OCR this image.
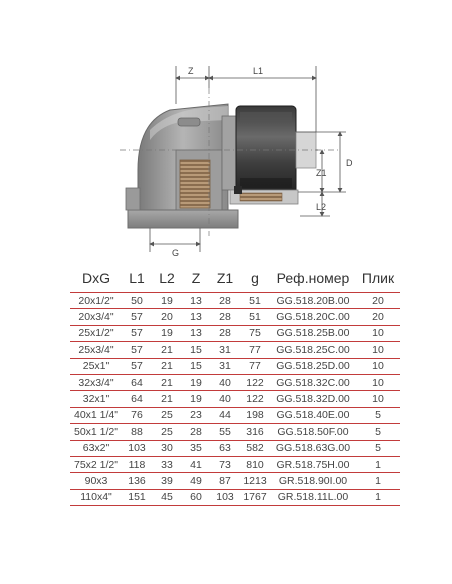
Z	L1
D
Z1
L2
G
DxG	L1	L2	Z	Z1	g	Реф.номер	Плик
20x1/2"	50	19	13	28	51	GG.518.20B.00	20
20x3/4"	57	20	13	28	51	GG.518.20C.00	20
25x1/2"	57	19	13	28	75	GG.518.25B.00	10
25x3/4"	57	21	15	31	77	GG.518.25C.00	10
25x1"	57	21	15	31	77	GG.518.25D.00	10
32x3/4"	64	21	19	40	122	GG.518.32C.00	10
32x1"	64	21	19	40	122	GG.518.32D.00	10
40x1 1/4"	76	25	23	44	198	GG.518.40E.00	5
50x1 1/2"	88	25	28	55	316	GG.518.50F.00	5
63x2"	103	30	35	63	582	GG.518.63G.00	5
75x2 1/2"	118	33	41	73	810	GR.518.75H.00	1
90x3	136	39	49	87	1213	GR.518.90I.00	1
110x4"	151	45	60	103	1767	GR.518.11L.00	1
